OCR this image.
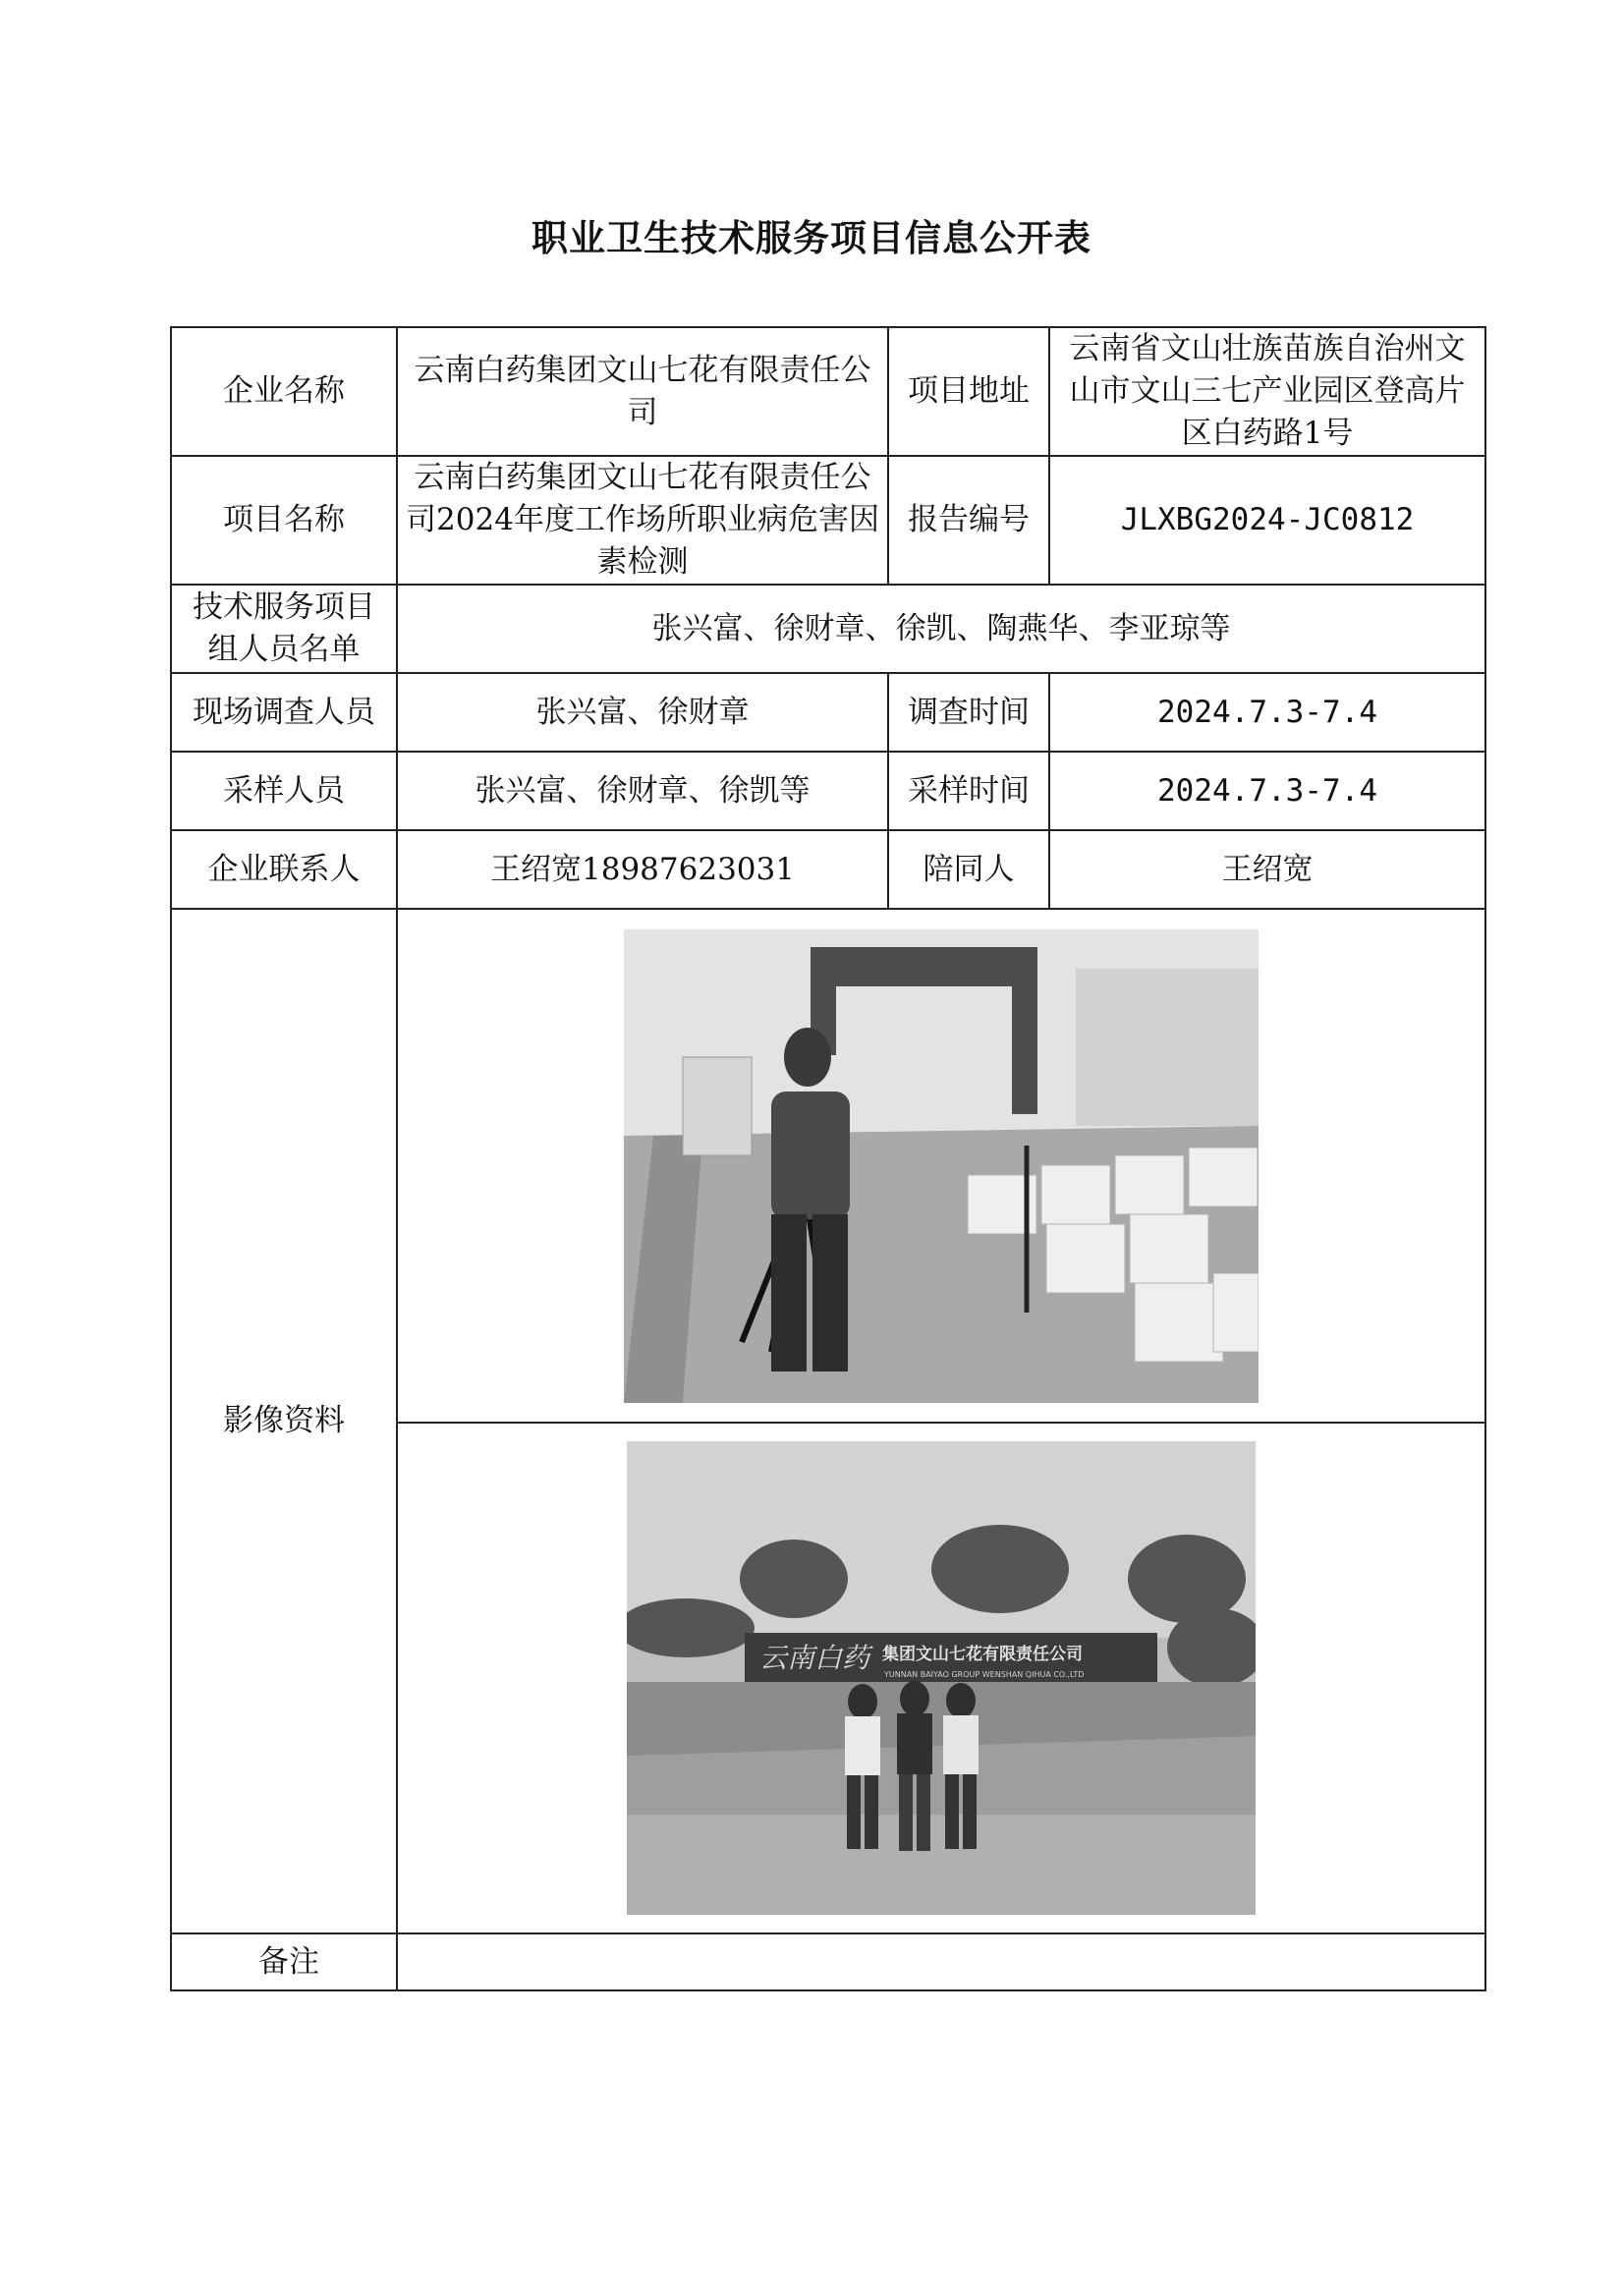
职业卫生技术服务项目信息公开表
企业名称	云南白药集团文山七花有限责任公司	项目地址	云南省文山壮族苗族自治州文山市文山三七产业园区登高片区白药路1号
项目名称	云南白药集团文山七花有限责任公司2024年度工作场所职业病危害因素检测	报告编号	JLXBG2024-JC0812
技术服务项目组人员名单	张兴富、徐财章、徐凯、陶燕华、李亚琼等		
现场调查人员	张兴富、徐财章	调查时间	2024.7.3-7.4
采样人员	张兴富、徐财章、徐凯等	采样时间	2024.7.3-7.4
企业联系人	王绍宽18987623031	陪同人	王绍宽
影像资料	

云南白药 集团文山七花有限责任公司
YUNNAN BAIYAO GROUP WENSHAN QIHUA CO.,LTD		

备注			
